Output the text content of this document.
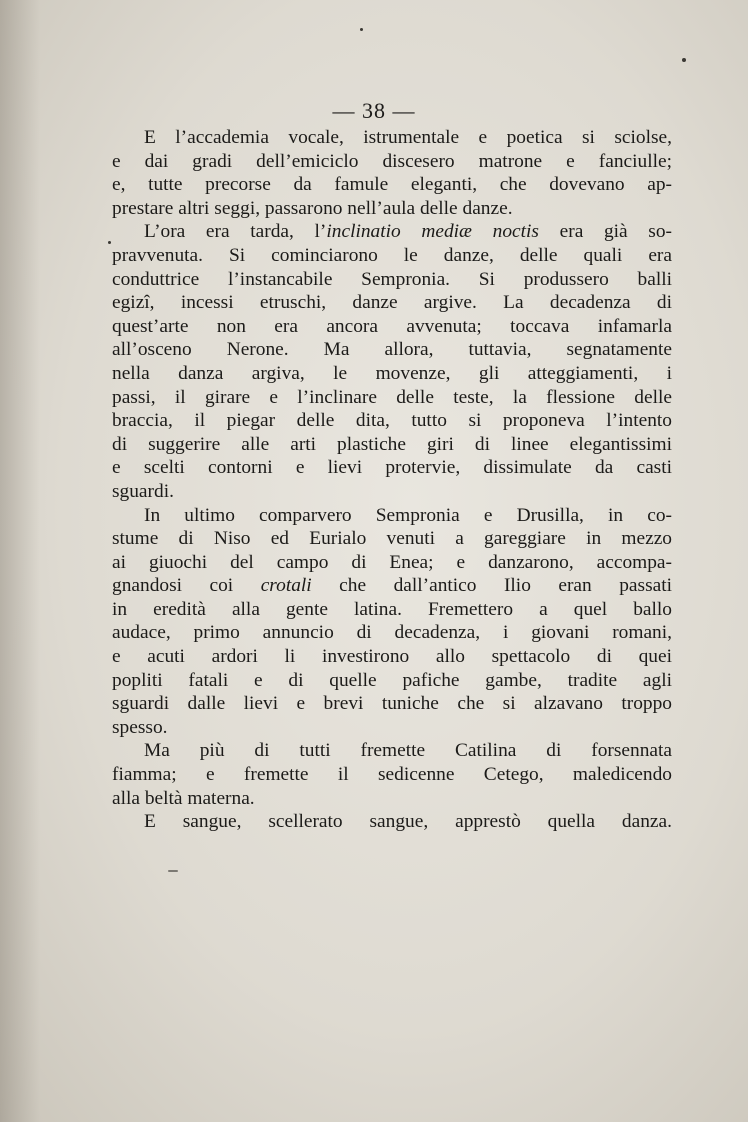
— 38 —
E l’accademia vocale, istrumentale e poetica si sciolse,
e dai gradi dell’emiciclo discesero matrone e fanciulle;
e, tutte precorse da famule eleganti, che dovevano ap-
prestare altri seggi, passarono nell’aula delle danze.
L’ora era tarda, l’inclinatio mediæ noctis era già so-
pravvenuta. Si cominciarono le danze, delle quali era
conduttrice l’instancabile Sempronia. Si produssero balli
egizî, incessi etruschi, danze argive. La decadenza di
quest’arte non era ancora avvenuta; toccava infamarla
all’osceno Nerone. Ma allora, tuttavia, segnatamente
nella danza argiva, le movenze, gli atteggiamenti, i
passi, il girare e l’inclinare delle teste, la flessione delle
braccia, il piegar delle dita, tutto si proponeva l’intento
di suggerire alle arti plastiche giri di linee elegantissimi
e scelti contorni e lievi protervie, dissimulate da casti
sguardi.
In ultimo comparvero Sempronia e Drusilla, in co-
stume di Niso ed Eurialo venuti a gareggiare in mezzo
ai giuochi del campo di Enea; e danzarono, accompa-
gnandosi coi crotali che dall’antico Ilio eran passati
in eredità alla gente latina. Fremettero a quel ballo
audace, primo annuncio di decadenza, i giovani romani,
e acuti ardori li investirono allo spettacolo di quei
popliti fatali e di quelle pafiche gambe, tradite agli
sguardi dalle lievi e brevi tuniche che si alzavano troppo
spesso.
Ma più di tutti fremette Catilina di forsennata
fiamma; e fremette il sedicenne Cetego, maledicendo
alla beltà materna.
E sangue, scellerato sangue, apprestò quella danza.
